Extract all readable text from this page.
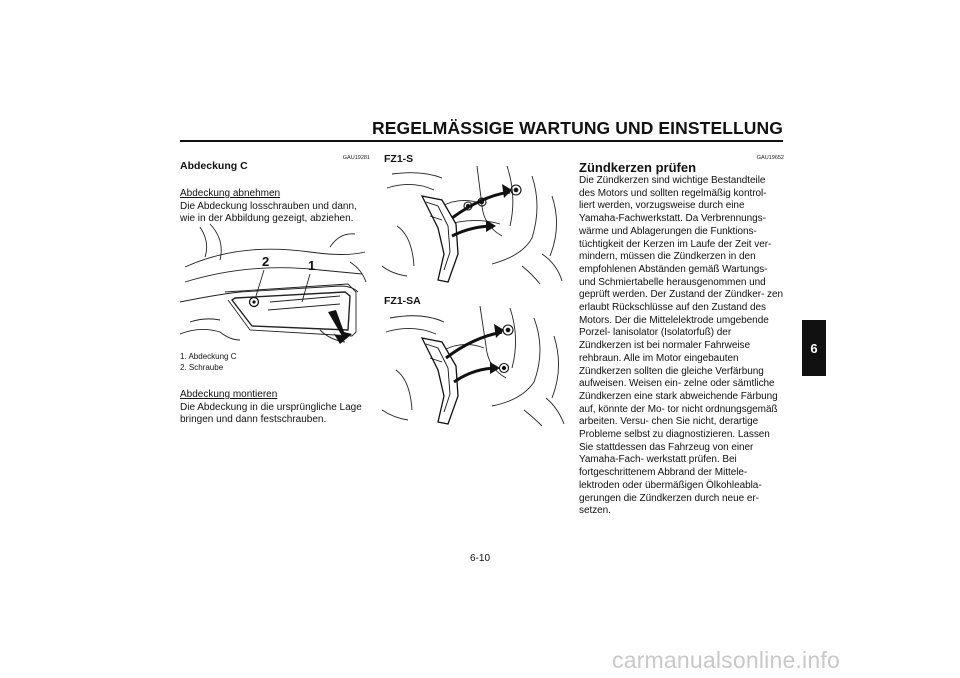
REGELMÄSSIGE WARTUNG UND EINSTELLUNG
6
GAU19281

Abdeckung C

Abdeckung abnehmen

Die Abdeckung losschrauben und dann, wie in der Abbildung gezeigt, abziehen.

2	1

1. Abdeckung C

2. Schraube

Abdeckung montieren

Die Abdeckung in die ursprüngliche Lage bringen und dann festschrauben.

FZ1-S
FZ1-SA
GAU19652

Zündkerzen prüfen

Die Zündkerzen sind wichtige Bestandteile des Motors und sollten regelmäßig kontrol- liert werden, vorzugsweise durch eine Yamaha-Fachwerkstatt. Da Verbrennungs- wärme und Ablagerungen die Funktions- tüchtigkeit der Kerzen im Laufe der Zeit ver- mindern, müssen die Zündkerzen in den empfohlenen Abständen gemäß Wartungs- und Schmiertabelle herausgenommen und geprüft werden. Der Zustand der Zündker- zen erlaubt Rückschlüsse auf den Zustand des Motors. Der die Mittelelektrode umgebende Porzel- lanisolator (Isolatorfuß) der Zündkerzen ist bei normaler Fahrweise rehbraun. Alle im Motor eingebauten Zündkerzen sollten die gleiche Verfärbung aufweisen. Weisen ein- zelne oder sämtliche Zündkerzen eine stark abweichende Färbung auf, könnte der Mo- tor nicht ordnungsgemäß arbeiten. Versu- chen Sie nicht, derartige Probleme selbst zu diagnostizieren. Lassen Sie stattdessen das Fahrzeug von einer Yamaha-Fach- werkstatt prüfen. Bei fortgeschrittenem Abbrand der Mittele- lektroden oder übermäßigen Ölkohleabla- gerungen die Zündkerzen durch neue er- setzen.

6-10
carmanualsonline.info
